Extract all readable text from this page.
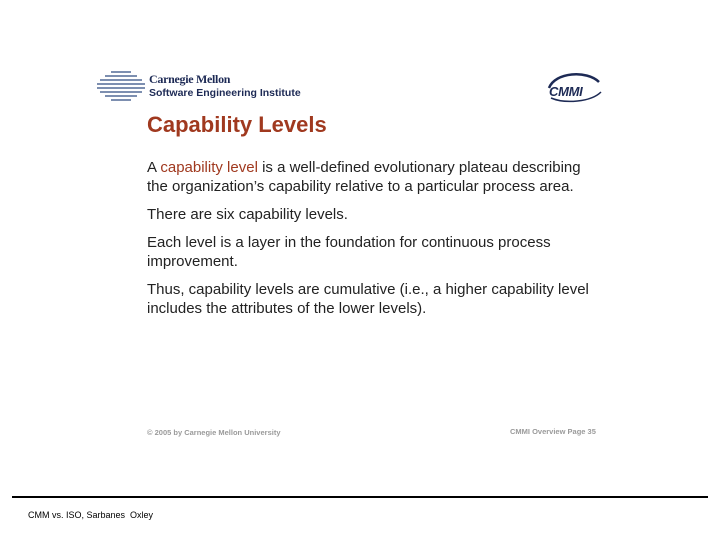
Carnegie Mellon
Software Engineering Institute	CMMI
Capability Levels

A capability level is a well-defined evolutionary plateau describing the organization’s capability relative to a particular process area.

There are six capability levels.

Each level is a layer in the foundation for continuous process improvement.

Thus, capability levels are cumulative (i.e., a higher capability level includes the attributes of the lower levels).

© 2005 by Carnegie Mellon University	CMMI Overview Page 35
CMM vs. ISO, Sarbanes  Oxley
